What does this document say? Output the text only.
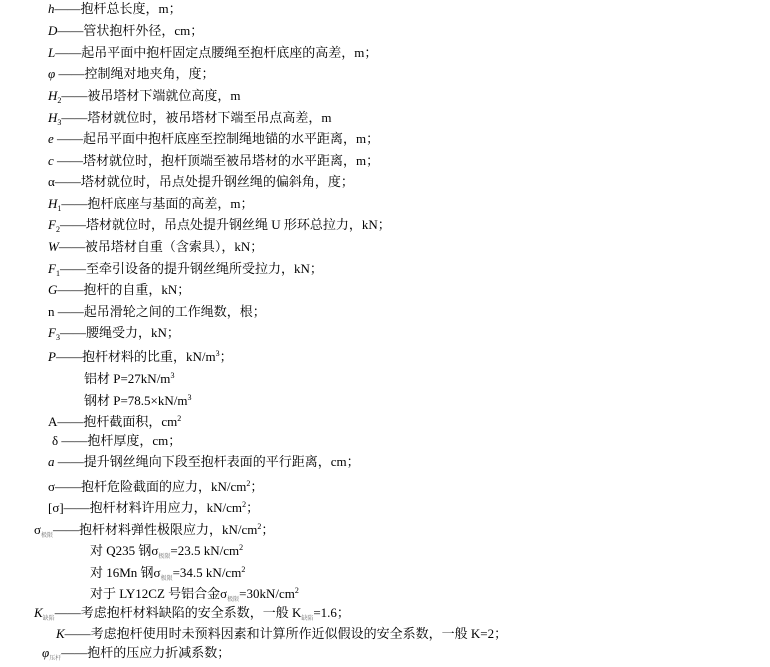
h——抱杆总长度，m；
D——管状抱杆外径，cm；
L——起吊平面中抱杆固定点腰绳至抱杆底座的高差，m；
φ ——控制绳对地夹角，度；
$H_2——$被吊塔材下端就位高度，m
$H_3——$塔材就位时，被吊塔材下端至吊点高差，m
e ——起吊平面中抱杆底座至控制绳地锚的水平距离，m；
c ——塔材就位时，抱杆顶端至被吊塔材的水平距离，m；
α——塔材就位时，吊点处提升钢丝绳的偏斜角，度；
$H_1——$抱杆底座与基面的高差，m；
$F_2——$塔材就位时，吊点处提升钢丝绳 U 形环总拉力，kN；
W——被吊塔材自重（含索具），kN；
$F_1——$至牵引设备的提升钢丝绳所受拉力，kN；
G——抱杆的自重，kN；
n ——起吊滑轮之间的工作绳数，根；
$F_3——$腰绳受力，kN；
P——抱杆材料的比重，$kN/m^3$；
铝材 $P=27kN/m^3$
钢材 $P=78.5\times kN/m^3$
A——抱杆截面积，$cm^2$
δ ——抱杆厚度，cm；
a ——提升钢丝绳向下段至抱杆表面的平行距离，cm；
σ——抱杆危险截面的应力，$kN/cm^2$；
[σ]——抱杆材料许用应力，$kN/cm^2$；
$\sigma_{极限}——$抱杆材料弹性极限应力，$kN/cm^2$；
对 Q235 钢$\sigma_{极限}=23.5$ $kN/cm^2$
对 16Mn 钢$\sigma_{极限}=34.5$ $kN/cm^2$
对于 LY12CZ 号铝合金$\sigma_{极限}=30kN/cm^2$
$K_{缺陷}——$考虑抱杆材料缺陷的安全系数，一般 $K_{缺陷}=1.6$；
K——考虑抱杆使用时未预料因素和计算所作近似假设的安全系数，一般 K=2；
$\varphi_{压杆}——$抱杆的压应力折减系数；
